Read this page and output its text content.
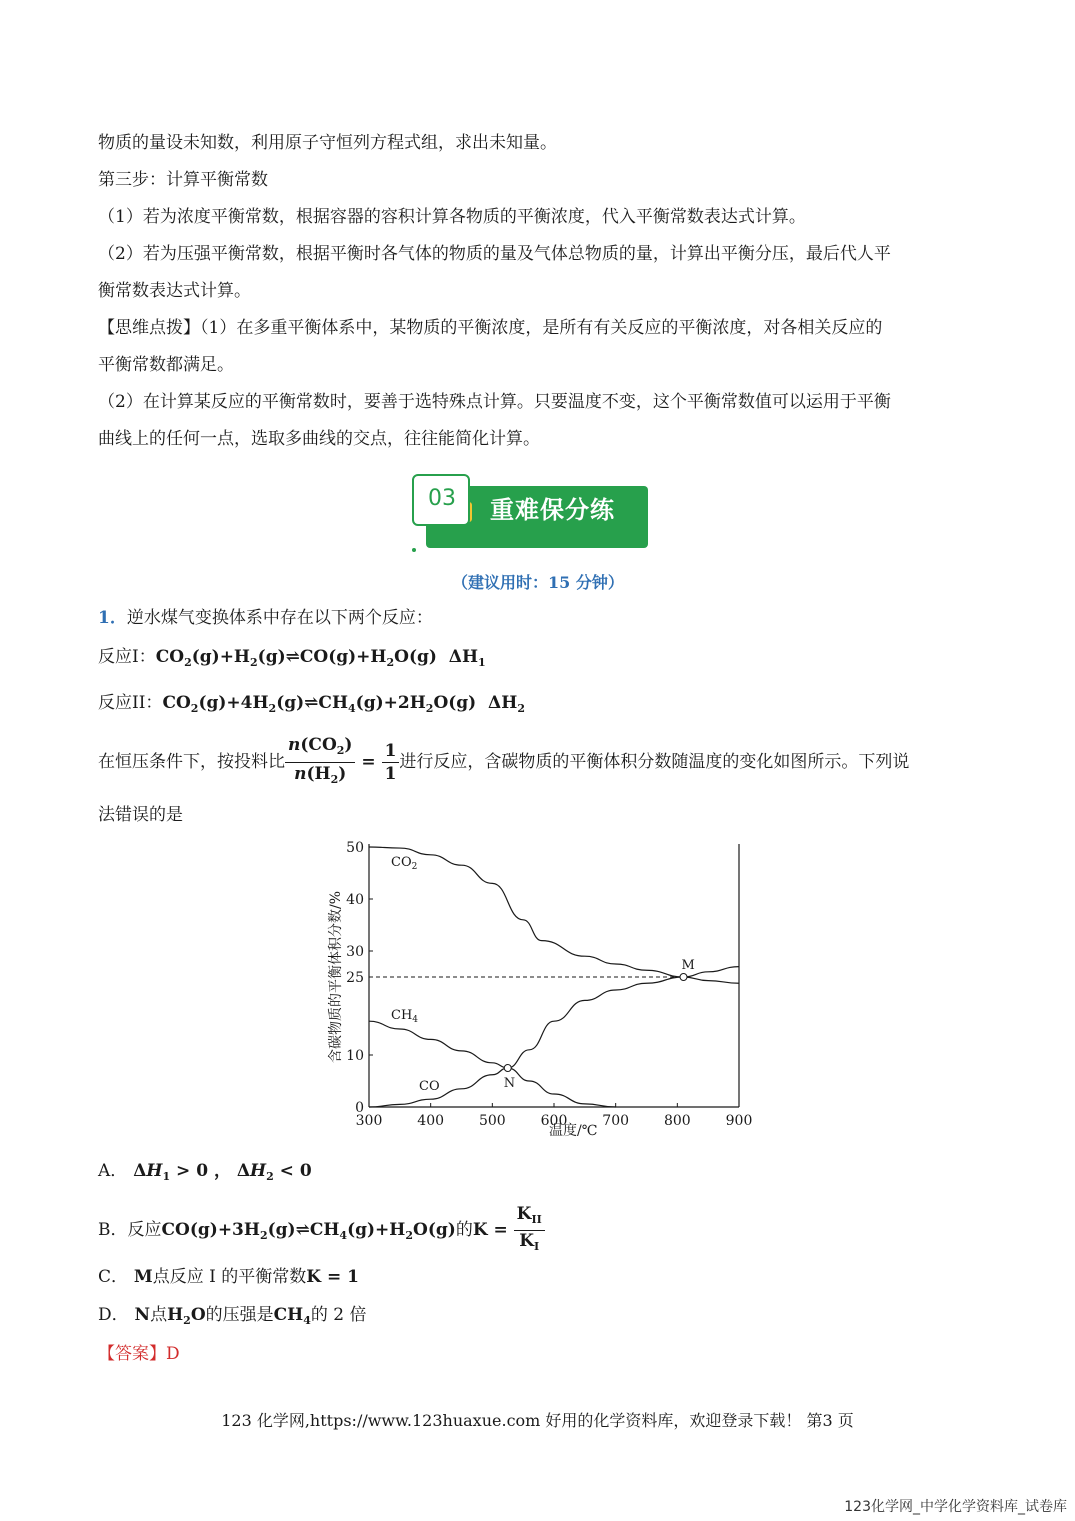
物质的量设未知数，利用原子守恒列方程式组，求出未知量。
第三步：计算平衡常数
（1）若为浓度平衡常数，根据容器的容积计算各物质的平衡浓度，代入平衡常数表达式计算。
（2）若为压强平衡常数，根据平衡时各气体的物质的量及气体总物质的量，计算出平衡分压，最后代人平
衡常数表达式计算。
【思维点拨】（1）在多重平衡体系中，某物质的平衡浓度，是所有有关反应的平衡浓度，对各相关反应的
平衡常数都满足。
（2）在计算某反应的平衡常数时，要善于选特殊点计算。只要温度不变，这个平衡常数值可以运用于平衡
曲线上的任何一点，选取多曲线的交点，往往能简化计算。
03 重难保分练
（建议用时：15 分钟）
1．逆水煤气变换体系中存在以下两个反应：
反应I：$CO_2(g)+H_2(g)\rightleftharpoons CO(g)+H_2O(g)$  $\Delta H_1$
反应II：$CO_2(g)+4H_2(g)\rightleftharpoons CH_4(g)+2H_2O(g)$  $\Delta H_2$
在恒压条件下，按投料比 $\frac{n(CO_2)}{n(H_2)} = \frac{1}{1}$ 进行反应，含碳物质的平衡体积分数随温度的变化如图所示。下列说
法错误的是
300 400 500 600 700 800 900
0
10
25
30
40
50
M
N
$CO_2$
$CH_4$
CO
温度/℃
含碳物质的平衡体积分数/%
A． $\Delta H_1 > 0$ ， $\Delta H_2 < 0$
B．反应$CO(g)+3H_2(g)\rightleftharpoons CH_4(g)+H_2O(g)$的$K = \frac{K_{II}}{K_I}$
C． M点反应 I 的平衡常数K = 1
D． N点$H_2O$的压强是$CH_4$的 2 倍
【答案】D
123 化学网,https://www.123huaxue.com 好用的化学资料库，欢迎登录下载！ 第3 页
123化学网_中学化学资料库_试卷库
